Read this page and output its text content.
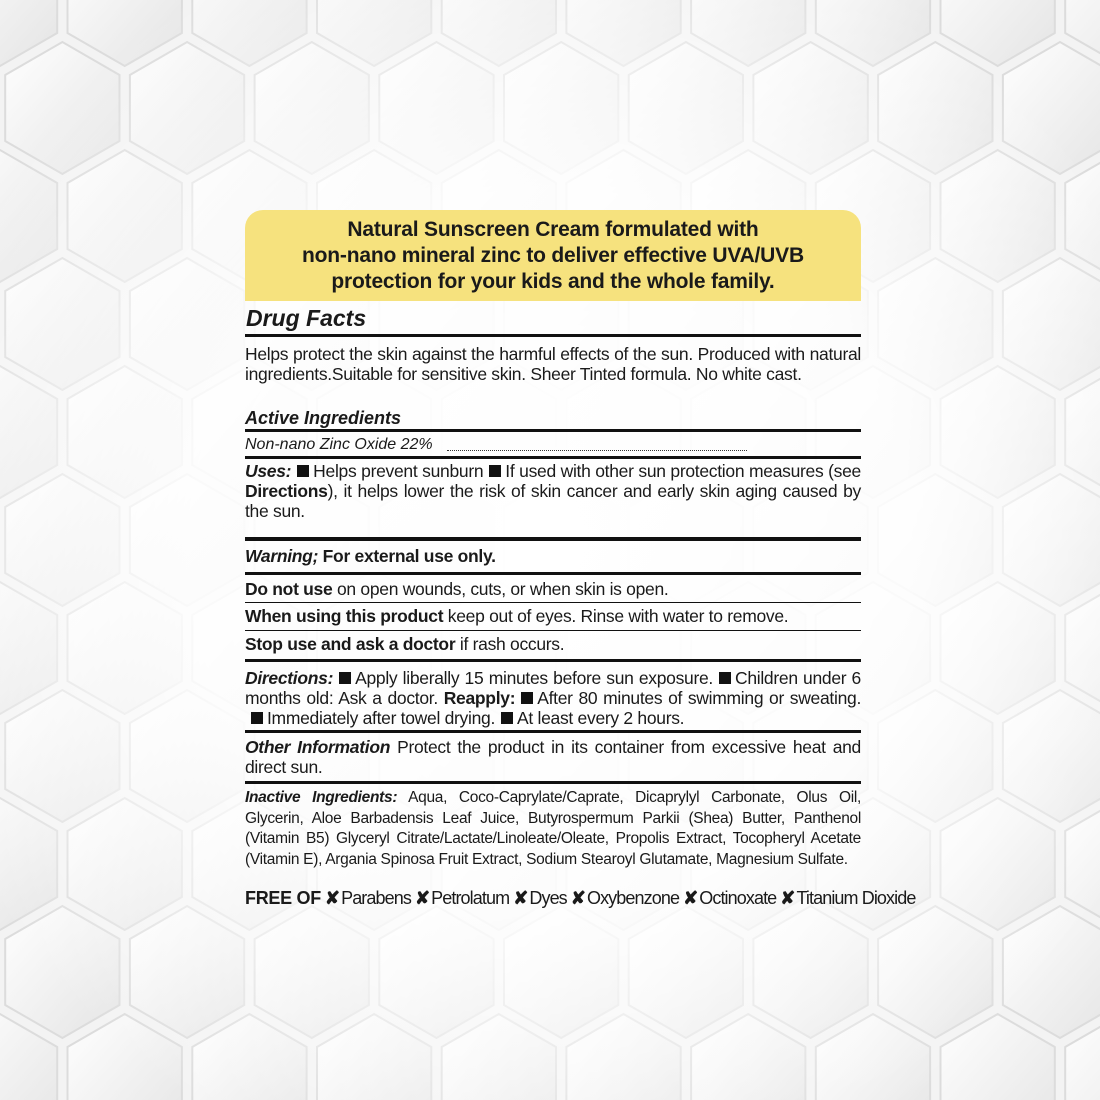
Natural Sunscreen Cream formulated with
non-nano mineral zinc to deliver effective UVA/UVB
protection for your kids and the whole family.
Drug Facts
Helps protect the skin against the harmful effects of the sun. Produced with natural ingredients.Suitable for sensitive skin. Sheer Tinted formula. No white cast.
Active Ingredients
Non-nano Zinc Oxide 22%
Uses: Helps prevent sunburn If used with other sun protection measures (see Directions), it helps lower the risk of skin cancer and early skin aging caused by the sun.
Warning; For external use only.
Do not use on open wounds, cuts, or when skin is open.
When using this product keep out of eyes. Rinse with water to remove.
Stop use and ask a doctor if rash occurs.
Directions: Apply liberally 15 minutes before sun exposure. Children under 6 months old: Ask a doctor. Reapply: After 80 minutes of swimming or sweating.Immediately after towel drying. At least every 2 hours.
Other Information Protect the product in its container from excessive heat and direct sun.
Inactive Ingredients: Aqua, Coco-Caprylate/Caprate, Dicaprylyl Carbonate, Olus Oil, Glycerin, Aloe Barbadensis Leaf Juice, Butyrospermum Parkii (Shea) Butter, Panthenol (Vitamin B5) Glyceryl Citrate/Lactate/Linoleate/Oleate, Propolis Extract, Tocopheryl Acetate (Vitamin E), Argania Spinosa Fruit Extract, Sodium Stearoyl Glutamate, Magnesium Sulfate.
FREE OF ✘ Parabens ✘ Petrolatum ✘ Dyes ✘ Oxybenzone ✘ Octinoxate ✘ Titanium Dioxide
